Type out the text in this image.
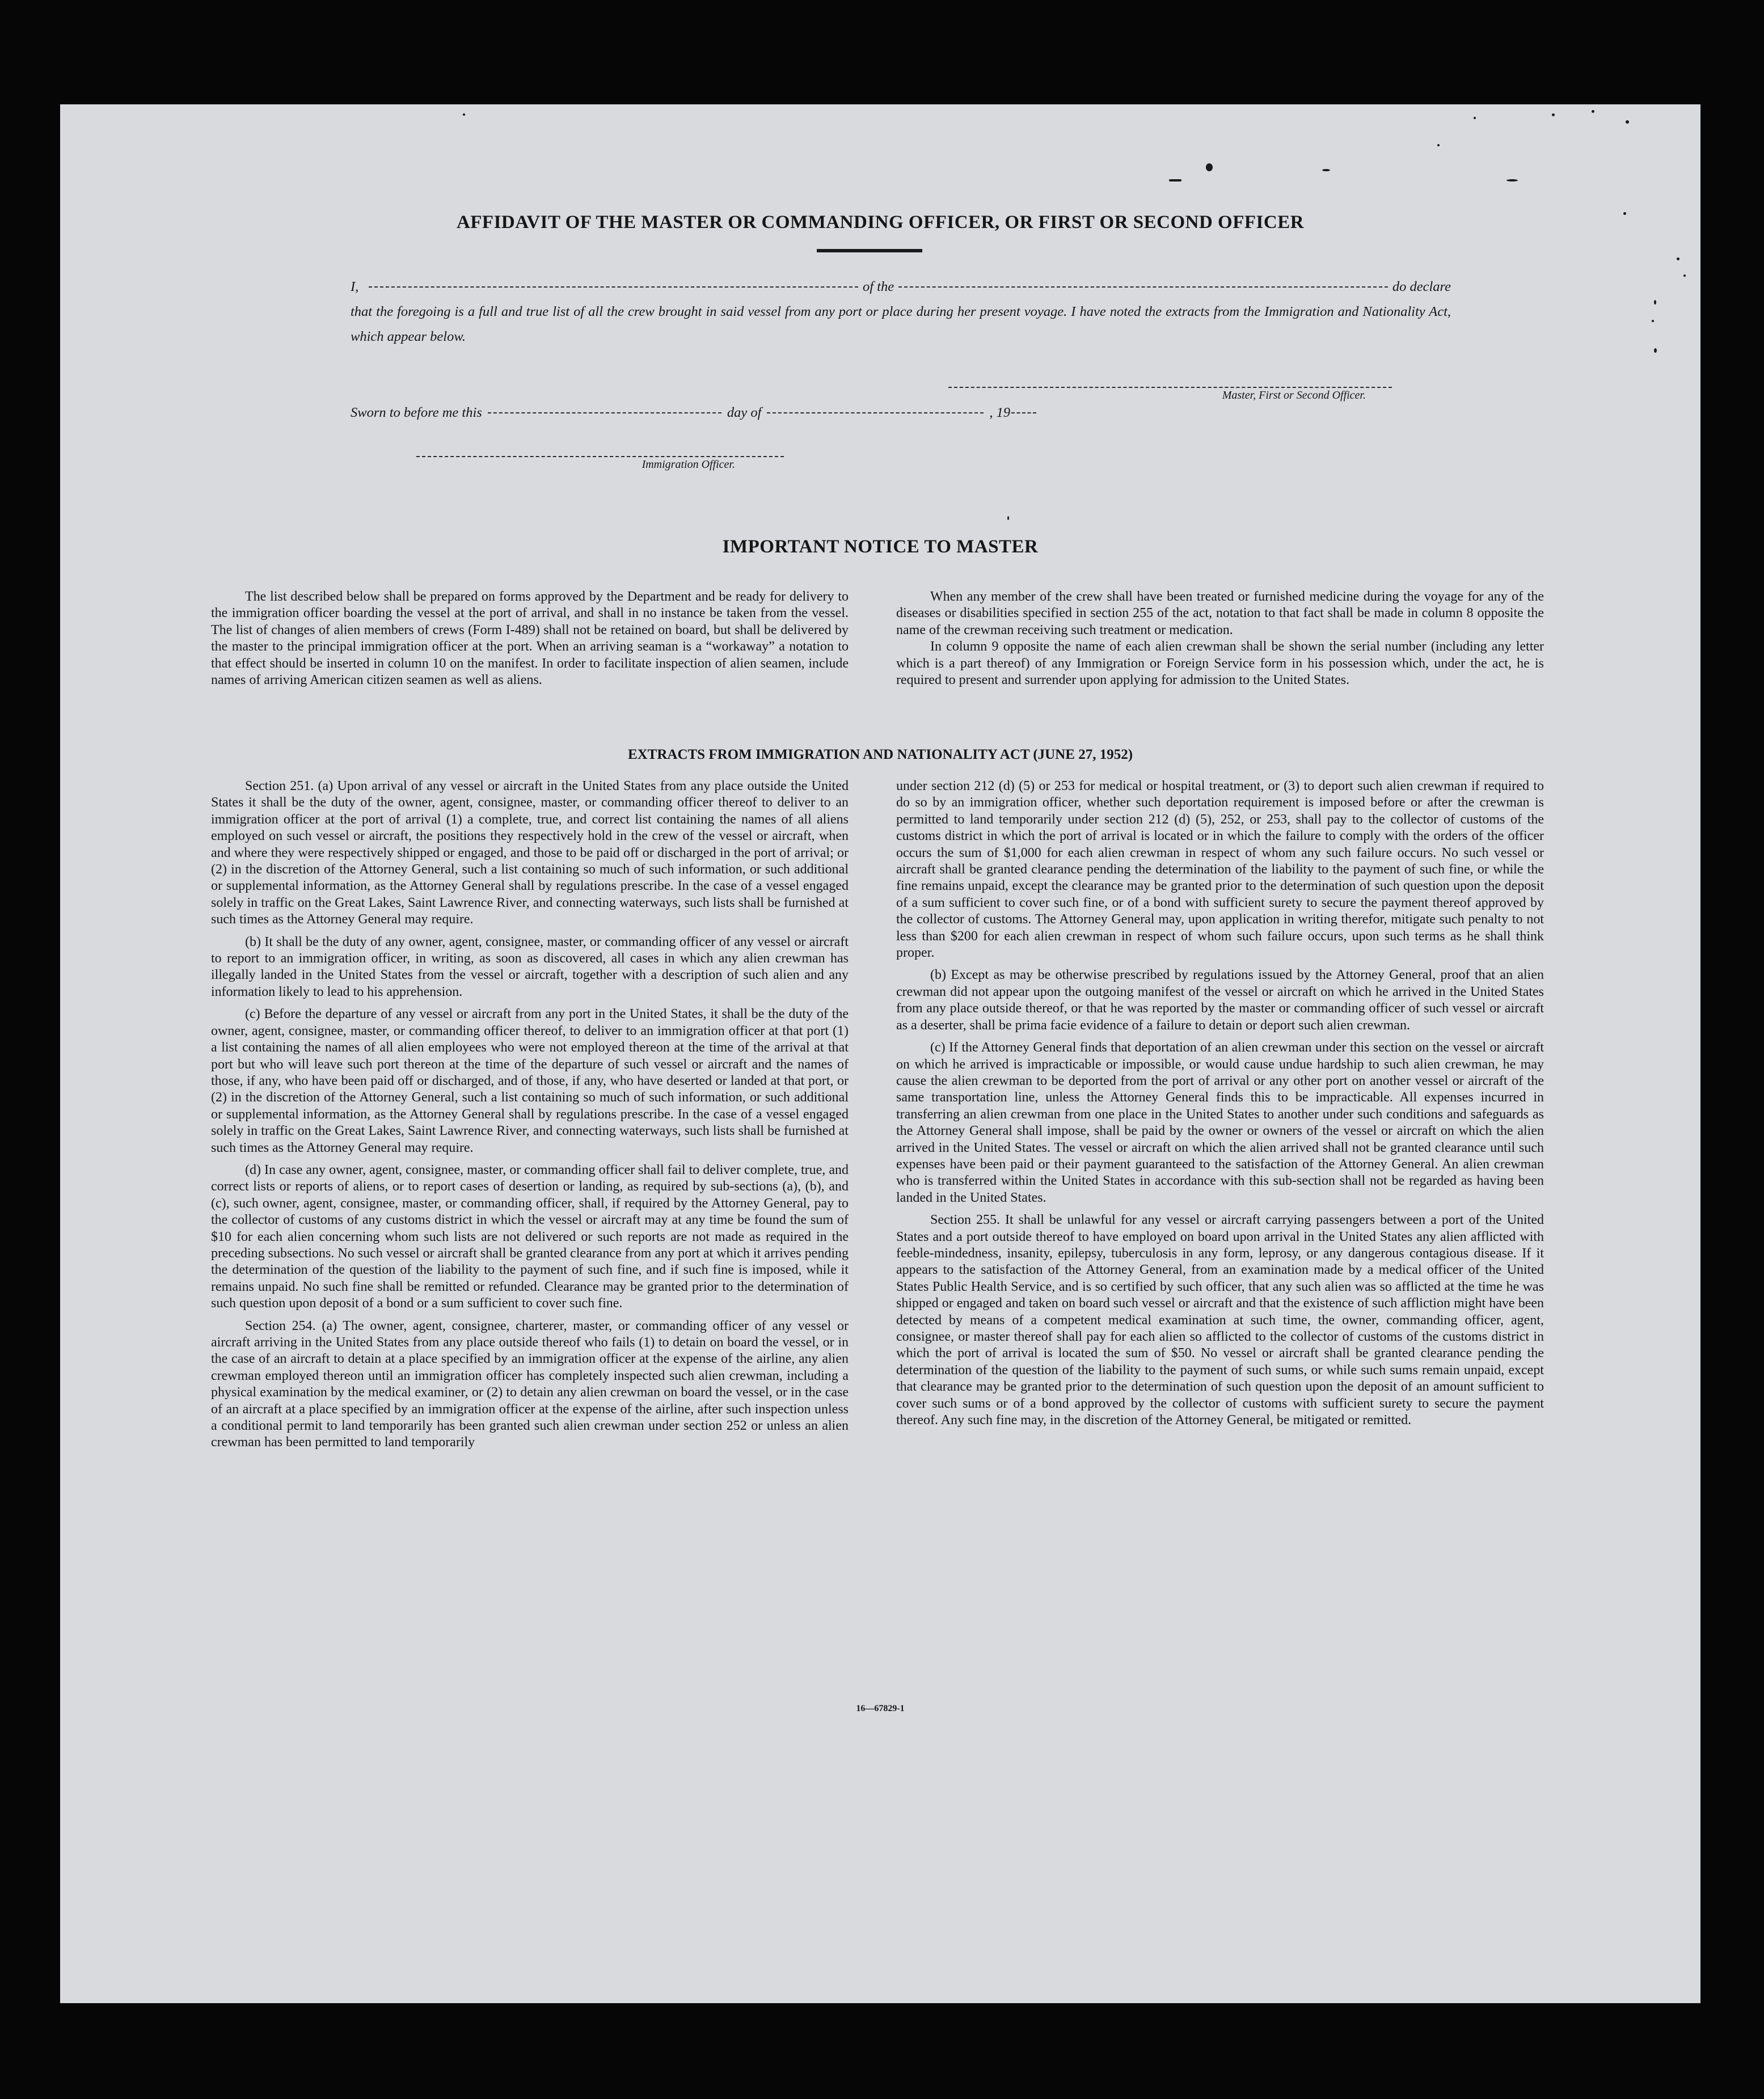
AFFIDAVIT OF THE MASTER OR COMMANDING OFFICER, OR FIRST OR SECOND OFFICER
I,	of the	do declare
that the foregoing is a full and true list of all the crew brought in said vessel from any port or place during her present voyage. I have noted the extracts from the Immigration and Nationality Act, which appear below.
Master, First or Second Officer.
Sworn to before me this	day of	, 19
Immigration Officer.
IMPORTANT NOTICE TO MASTER

The list described below shall be prepared on forms approved by the Department and be ready for delivery to the immigration officer boarding the vessel at the port of arrival, and shall in no instance be taken from the vessel. The list of changes of alien members of crews (Form I-489) shall not be retained on board, but shall be delivered by the master to the principal immigration officer at the port. When an arriving seaman is a “workaway” a notation to that effect should be inserted in column 10 on the manifest. In order to facilitate inspection of alien seamen, include names of arriving American citizen seamen as well as aliens.

When any member of the crew shall have been treated or furnished medicine during the voyage for any of the diseases or disabilities specified in section 255 of the act, notation to that fact shall be made in column 8 opposite the name of the crewman receiving such treatment or medication.

In column 9 opposite the name of each alien crewman shall be shown the serial number (including any letter which is a part thereof) of any Immigration or Foreign Service form in his possession which, under the act, he is required to present and surrender upon applying for admission to the United States.

EXTRACTS FROM IMMIGRATION AND NATIONALITY ACT (JUNE 27, 1952)

Section 251. (a) Upon arrival of any vessel or aircraft in the United States from any place outside the United States it shall be the duty of the owner, agent, consignee, master, or commanding officer thereof to deliver to an immigration officer at the port of arrival (1) a complete, true, and correct list containing the names of all aliens employed on such vessel or aircraft, the positions they respectively hold in the crew of the vessel or aircraft, when and where they were respectively shipped or engaged, and those to be paid off or discharged in the port of arrival; or (2) in the discretion of the Attorney General, such a list containing so much of such information, or such additional or supplemental information, as the Attorney General shall by regulations prescribe. In the case of a vessel engaged solely in traffic on the Great Lakes, Saint Lawrence River, and connecting waterways, such lists shall be furnished at such times as the Attorney General may require.

(b) It shall be the duty of any owner, agent, consignee, master, or commanding officer of any vessel or aircraft to report to an immigration officer, in writing, as soon as discovered, all cases in which any alien crewman has illegally landed in the United States from the vessel or aircraft, together with a description of such alien and any information likely to lead to his apprehension.

(c) Before the departure of any vessel or aircraft from any port in the United States, it shall be the duty of the owner, agent, consignee, master, or commanding officer thereof, to deliver to an immigration officer at that port (1) a list containing the names of all alien employees who were not employed thereon at the time of the arrival at that port but who will leave such port thereon at the time of the departure of such vessel or aircraft and the names of those, if any, who have been paid off or discharged, and of those, if any, who have deserted or landed at that port, or (2) in the discretion of the Attorney General, such a list containing so much of such information, or such additional or supplemental information, as the Attorney General shall by regulations prescribe. In the case of a vessel engaged solely in traffic on the Great Lakes, Saint Lawrence River, and connecting waterways, such lists shall be furnished at such times as the Attorney General may require.

(d) In case any owner, agent, consignee, master, or commanding officer shall fail to deliver complete, true, and correct lists or reports of aliens, or to report cases of desertion or landing, as required by sub-sections (a), (b), and (c), such owner, agent, consignee, master, or commanding officer, shall, if required by the Attorney General, pay to the collector of customs of any customs district in which the vessel or aircraft may at any time be found the sum of $10 for each alien concerning whom such lists are not delivered or such reports are not made as required in the preceding subsections. No such vessel or aircraft shall be granted clearance from any port at which it arrives pending the determination of the question of the liability to the payment of such fine, and if such fine is imposed, while it remains unpaid. No such fine shall be remitted or refunded. Clearance may be granted prior to the determination of such question upon deposit of a bond or a sum sufficient to cover such fine.

Section 254. (a) The owner, agent, consignee, charterer, master, or commanding officer of any vessel or aircraft arriving in the United States from any place outside thereof who fails (1) to detain on board the vessel, or in the case of an aircraft to detain at a place specified by an immigration officer at the expense of the airline, any alien crewman employed thereon until an immigration officer has completely inspected such alien crewman, including a physical examination by the medical examiner, or (2) to detain any alien crewman on board the vessel, or in the case of an aircraft at a place specified by an immigration officer at the expense of the airline, after such inspection unless a conditional permit to land temporarily has been granted such alien crewman under section 252 or unless an alien crewman has been permitted to land temporarily

under section 212 (d) (5) or 253 for medical or hospital treatment, or (3) to deport such alien crewman if required to do so by an immigration officer, whether such deportation requirement is imposed before or after the crewman is permitted to land temporarily under section 212 (d) (5), 252, or 253, shall pay to the collector of customs of the customs district in which the port of arrival is located or in which the failure to comply with the orders of the officer occurs the sum of $1,000 for each alien crewman in respect of whom any such failure occurs. No such vessel or aircraft shall be granted clearance pending the determination of the liability to the payment of such fine, or while the fine remains unpaid, except the clearance may be granted prior to the determination of such question upon the deposit of a sum sufficient to cover such fine, or of a bond with sufficient surety to secure the payment thereof approved by the collector of customs. The Attorney General may, upon application in writing therefor, mitigate such penalty to not less than $200 for each alien crewman in respect of whom such failure occurs, upon such terms as he shall think proper.

(b) Except as may be otherwise prescribed by regulations issued by the Attorney General, proof that an alien crewman did not appear upon the outgoing manifest of the vessel or aircraft on which he arrived in the United States from any place outside thereof, or that he was reported by the master or commanding officer of such vessel or aircraft as a deserter, shall be prima facie evidence of a failure to detain or deport such alien crewman.

(c) If the Attorney General finds that deportation of an alien crewman under this section on the vessel or aircraft on which he arrived is impracticable or impossible, or would cause undue hardship to such alien crewman, he may cause the alien crewman to be deported from the port of arrival or any other port on another vessel or aircraft of the same transportation line, unless the Attorney General finds this to be impracticable. All expenses incurred in transferring an alien crewman from one place in the United States to another under such conditions and safeguards as the Attorney General shall impose, shall be paid by the owner or owners of the vessel or aircraft on which the alien arrived in the United States. The vessel or aircraft on which the alien arrived shall not be granted clearance until such expenses have been paid or their payment guaranteed to the satisfaction of the Attorney General. An alien crewman who is transferred within the United States in accordance with this sub-section shall not be regarded as having been landed in the United States.

Section 255. It shall be unlawful for any vessel or aircraft carrying passengers between a port of the United States and a port outside thereof to have employed on board upon arrival in the United States any alien afflicted with feeble-mindedness, insanity, epilepsy, tuberculosis in any form, leprosy, or any dangerous contagious disease. If it appears to the satisfaction of the Attorney General, from an examination made by a medical officer of the United States Public Health Service, and is so certified by such officer, that any such alien was so afflicted at the time he was shipped or engaged and taken on board such vessel or aircraft and that the existence of such affliction might have been detected by means of a competent medical examination at such time, the owner, commanding officer, agent, consignee, or master thereof shall pay for each alien so afflicted to the collector of customs of the customs district in which the port of arrival is located the sum of $50. No vessel or aircraft shall be granted clearance pending the determination of the question of the liability to the payment of such sums, or while such sums remain unpaid, except that clearance may be granted prior to the determination of such question upon the deposit of an amount sufficient to cover such sums or of a bond approved by the collector of customs with sufficient surety to secure the payment thereof. Any such fine may, in the discretion of the Attorney General, be mitigated or remitted.

16—67829-1
